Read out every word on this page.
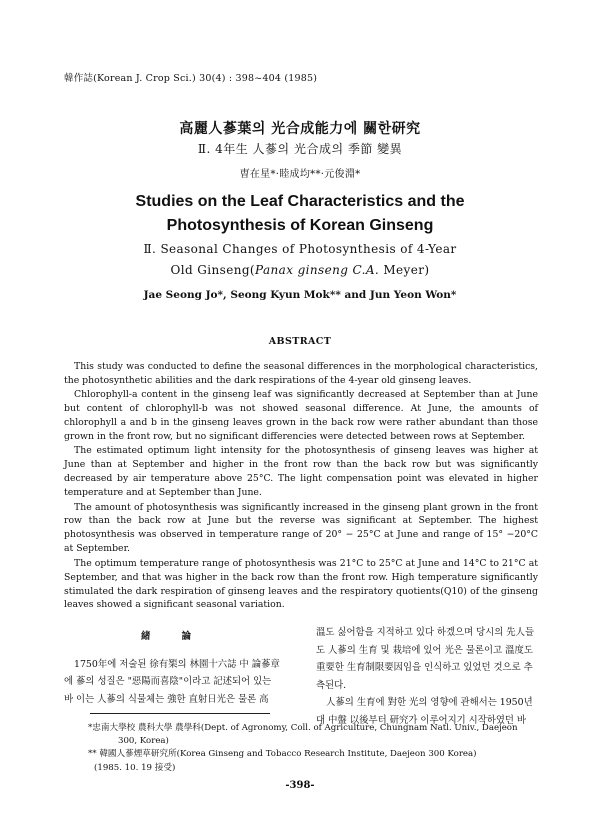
韓作誌(Korean J. Crop Sci.) 30(4) : 398~404 (1985)
高麗人蔘葉의 光合成能力에 關한研究
Ⅱ. 4年生 人蔘의 光合成의 季節 變異
曺在星*·睦成均**·元俊淵*
Studies on the Leaf Characteristics and the
Photosynthesis of Korean Ginseng
Ⅱ. Seasonal Changes of Photosynthesis of 4-Year
Old Ginseng(Panax ginseng C.A. Meyer)
Jae Seong Jo*, Seong Kyun Mok** and Jun Yeon Won*
ABSTRACT

This study was conducted to define the seasonal differences in the morphological characteristics, the photosynthetic abilities and the dark respirations of the 4-year old ginseng leaves.

Chlorophyll-a content in the ginseng leaf was significantly decreased at September than at June but content of chlorophyll-b was not showed seasonal difference. At June, the amounts of chlorophyll a and b in the ginseng leaves grown in the back row were rather abundant than those grown in the front row, but no significant differencies were detected between rows at September.

The estimated optimum light intensity for the photosynthesis of ginseng leaves was higher at June than at September and higher in the front row than the back row but was significantly decreased by air temperature above 25°C. The light compensation point was elevated in higher temperature and at September than June.

The amount of photosynthesis was significantly increased in the ginseng plant grown in the front row than the back row at June but the reverse was significant at September. The highest photosynthesis was observed in temperature range of 20° − 25°C at June and range of 15° −20°C at September.

The optimum temperature range of photosynthesis was 21°C to 25°C at June and 14°C to 21°C at September, and that was higher in the back row than the front row. High temperature significantly stimulated the dark respiration of ginseng leaves and the respiratory quotients(Q10) of the ginseng leaves showed a significant seasonal variation.

緒 論

1750年에 저술된 徐有榘의 林園十六誌 中 論蔘章에 蔘의 성질은 "惡陽而喜陰"이라고 記述되어 있는 바 이는 人蔘의 식물체는 強한 直射日光은 물론 高

溫도 싫어함을 지적하고 있다 하겠으며 당시의 先人들도 人蔘의 生育 및 栽培에 있어 光은 물론이고 溫度도 重要한 生育制限要因임을 인식하고 있었던 것으로 추측된다.

人蔘의 生育에 對한 光의 영향에 관해서는 1950년대 中盤 以後부터 研究가 이루어지기 시작하였던 바

*忠南大學校 農科大學 農學科(Dept. of Agronomy, Coll. of Agriculture, Chungnam Natl. Univ., Daejeon
300, Korea)
** 韓國人蔘煙草研究所(Korea Ginseng and Tobacco Research Institute, Daejeon 300 Korea)
(1985. 10. 19 接受)
-398-
